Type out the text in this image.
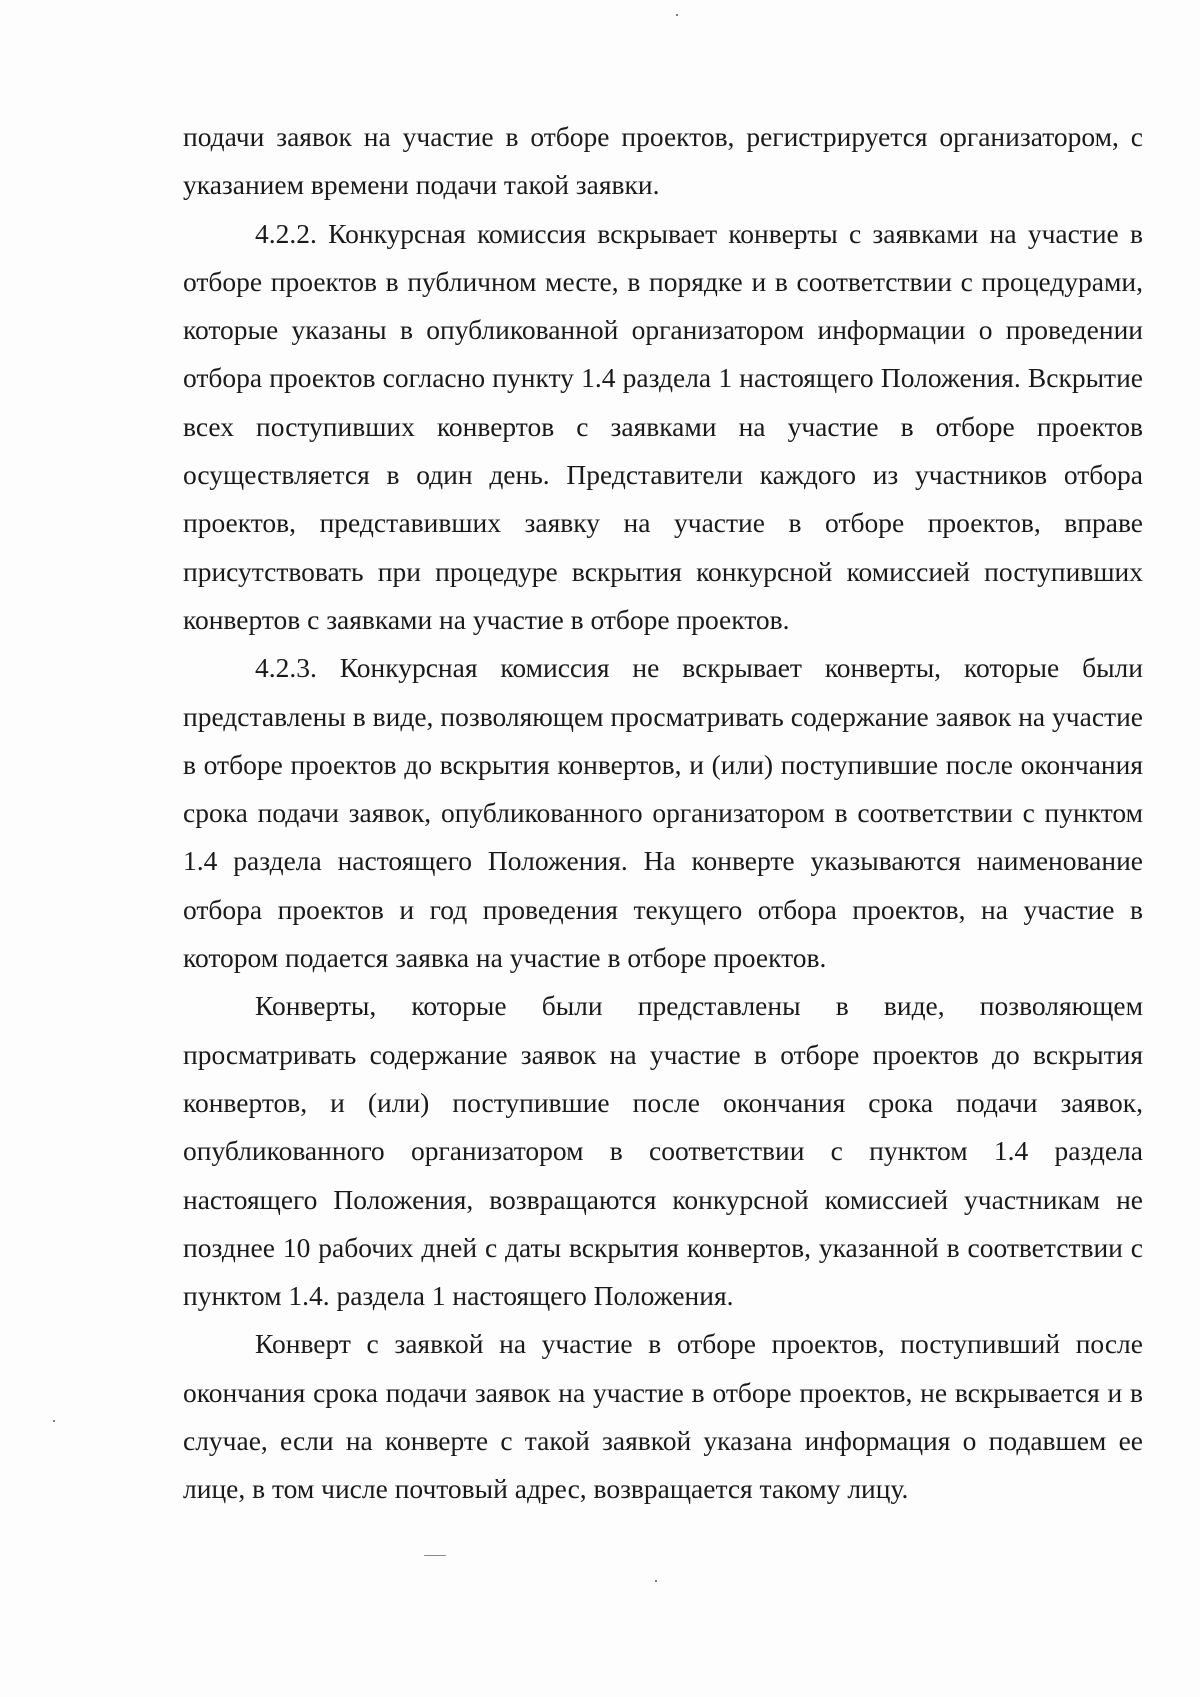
подачи заявок на участие в отборе проектов, регистрируется организатором, с указанием времени подачи такой заявки.

4.2.2. Конкурсная комиссия вскрывает конверты с заявками на участие в отборе проектов в публичном месте, в порядке и в соответствии с процедурами, которые указаны в опубликованной организатором информации о проведении отбора проектов согласно пункту 1.4 раздела 1 настоящего Положения. Вскрытие всех поступивших конвертов с заявками на участие в отборе проектов осуществляется в один день. Представители каждого из участников отбора проектов, представивших заявку на участие в отборе проектов, вправе присутствовать при процедуре вскрытия конкурсной комиссией поступивших конвертов с заявками на участие в отборе проектов.

4.2.3. Конкурсная комиссия не вскрывает конверты, которые были представлены в виде, позволяющем просматривать содержание заявок на участие в отборе проектов до вскрытия конвертов, и (или) поступившие после окончания срока подачи заявок, опубликованного организатором в соответствии с пунктом 1.4 раздела настоящего Положения. На конверте указываются наименование отбора проектов и год проведения текущего отбора проектов, на участие в котором подается заявка на участие в отборе проектов.

Конверты, которые были представлены в виде, позволяющем просматривать содержание заявок на участие в отборе проектов до вскрытия конвертов, и (или) поступившие после окончания срока подачи заявок, опубликованного организатором в соответствии с пунктом 1.4 раздела настоящего Положения, возвращаются конкурсной комиссией участникам не позднее 10 рабочих дней с даты вскрытия конвертов, указанной в соответствии с пунктом 1.4. раздела 1 настоящего Положения.

Конверт с заявкой на участие в отборе проектов, поступивший после окончания срока подачи заявок на участие в отборе проектов, не вскрывается и в случае, если на конверте с такой заявкой указана информация о подавшем ее лице, в том числе почтовый адрес, возвращается такому лицу.
